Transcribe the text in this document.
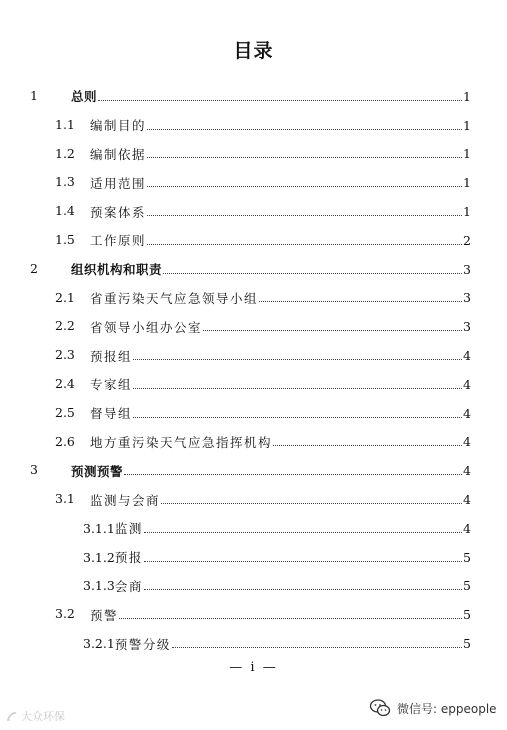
目录
1	总则	1
1.1 编制目的	1
1.2 编制依据	1
1.3 适用范围	1
1.4 预案体系	1
1.5 工作原则	2
2	组织机构和职责	3
2.1 省重污染天气应急领导小组	3
2.2 省领导小组办公室	3
2.3 预报组	4
2.4 专家组	4
2.5 督导组	4
2.6 地方重污染天气应急指挥机构	4
3	预测预警	4
3.1 监测与会商	4
3.1.1 监测	4
3.1.2 预报	5
3.1.3 会商	5
3.2 预警	5
3.2.1 预警分级	5
— i —
大众环保
微信号: eppeople
